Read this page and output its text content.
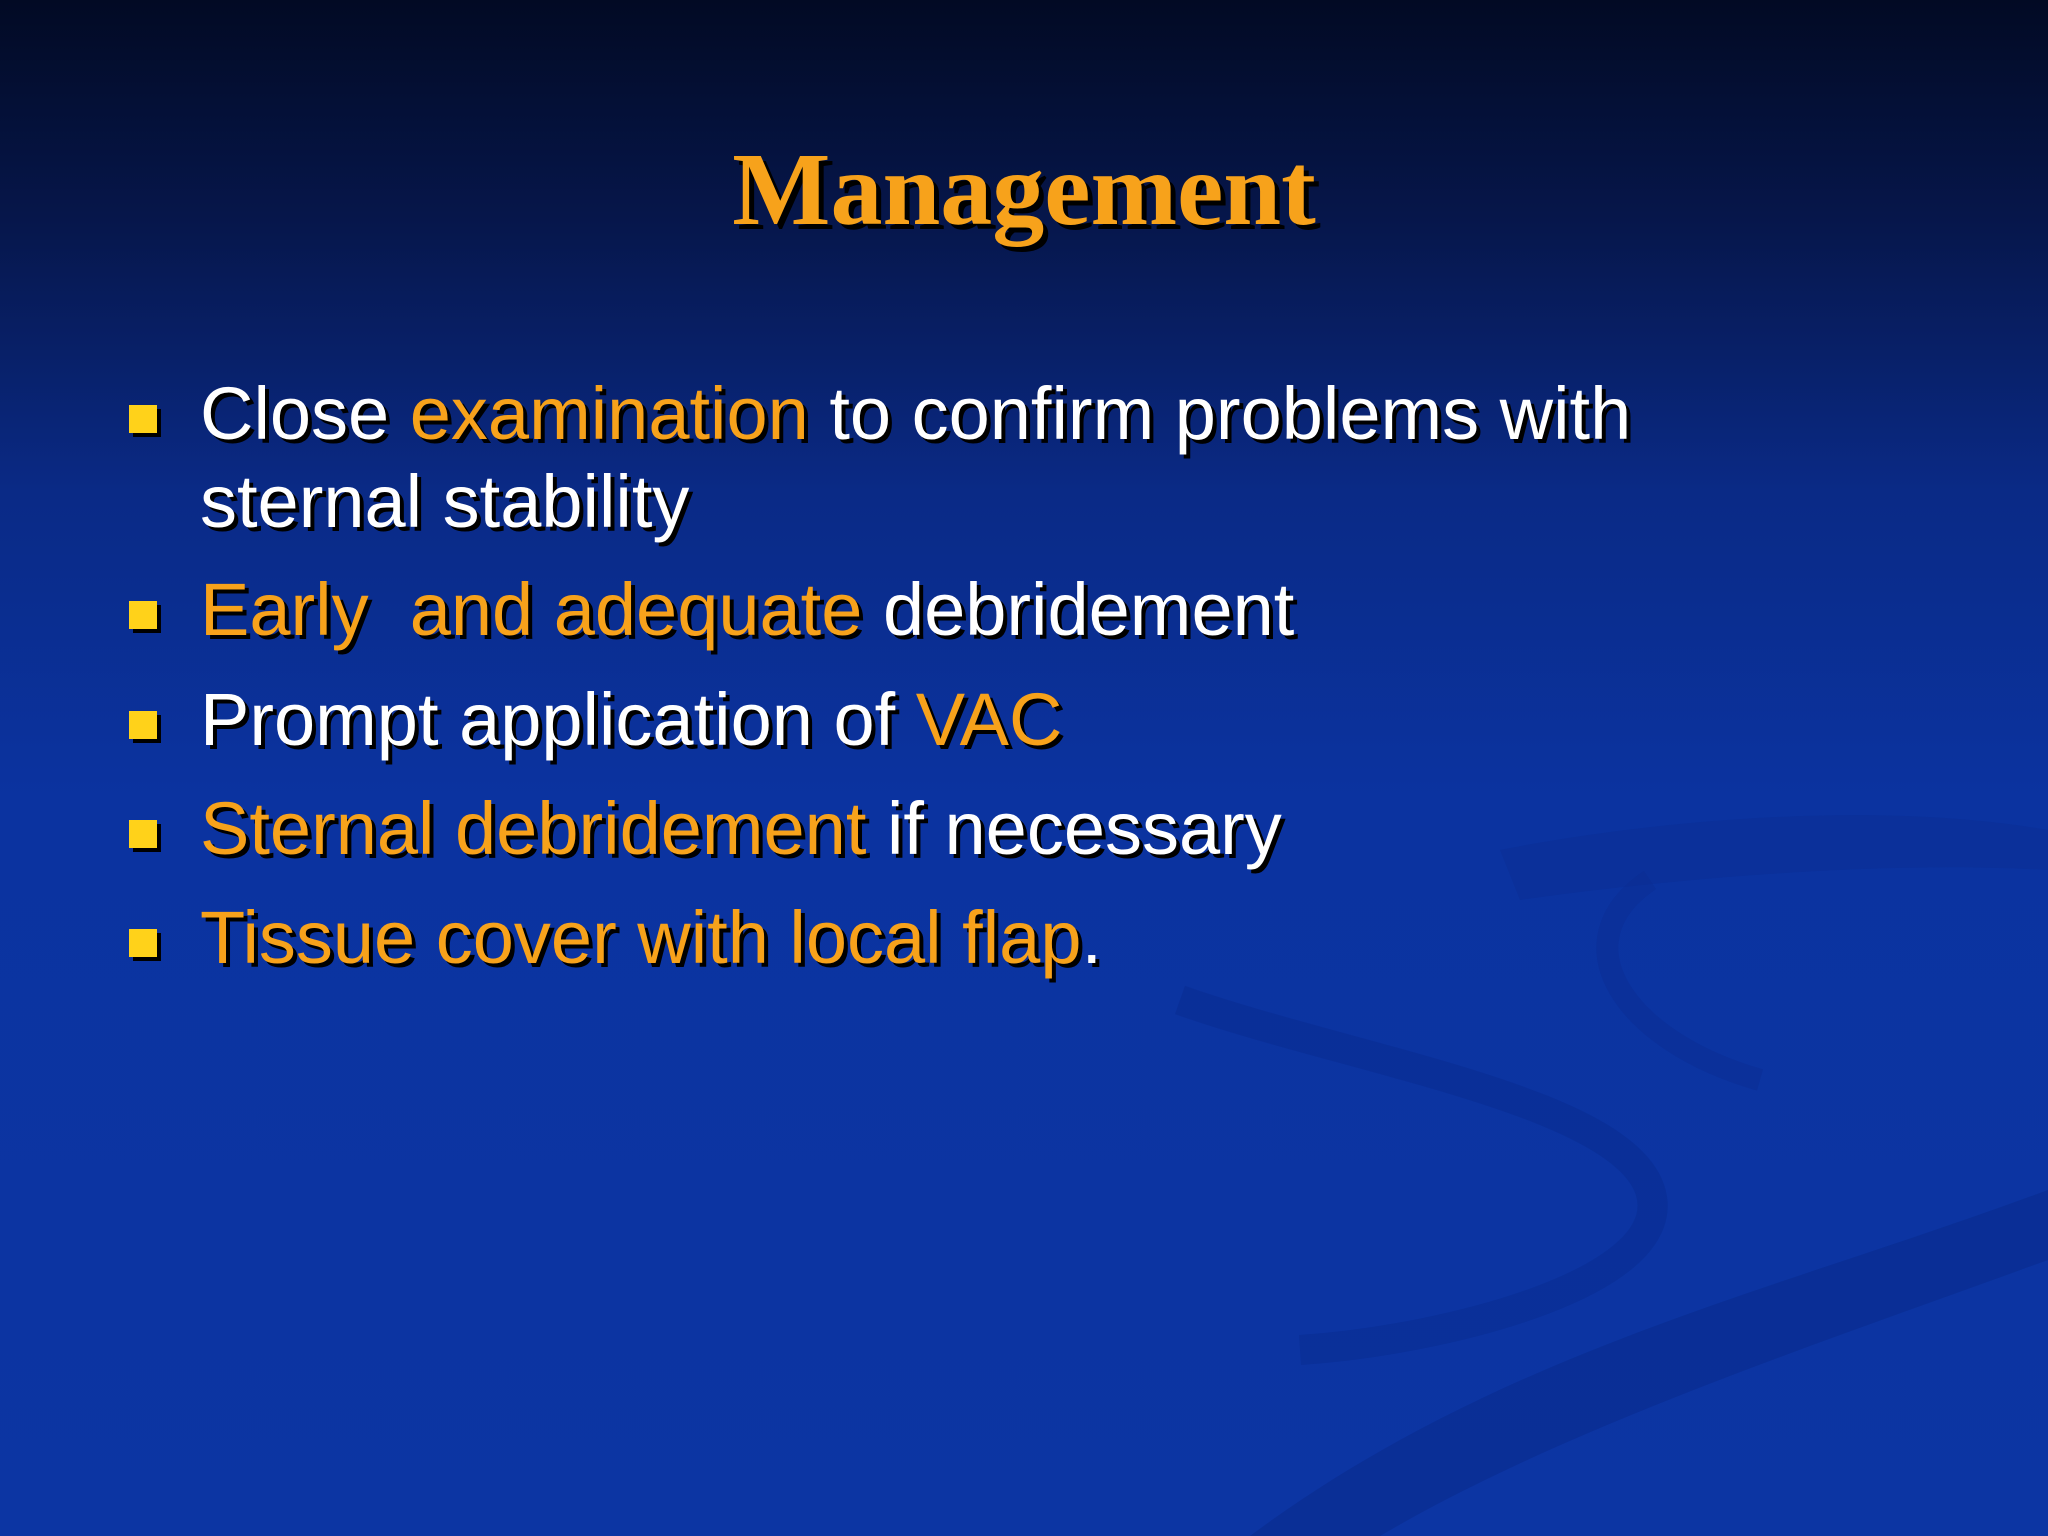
Management
Close examination to confirm problems with
sternal stability
Early  and adequate debridement
Prompt application of VAC
Sternal debridement if necessary
Tissue cover with local flap.
